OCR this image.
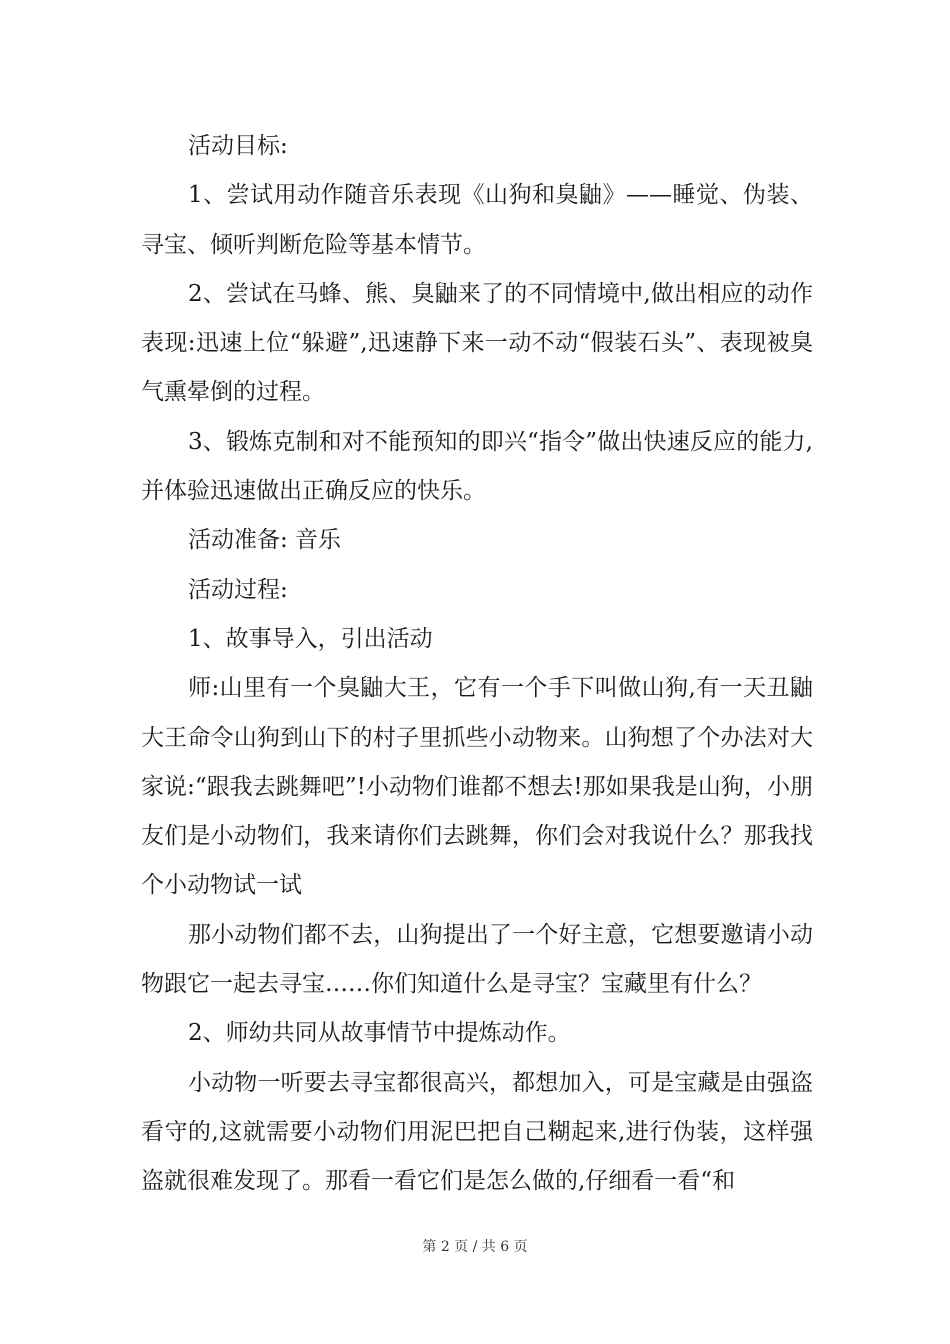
活动目标:

1、尝试用动作随音乐表现《山狗和臭鼬》——睡觉、伪装、寻宝、倾听判断危险等基本情节。

2、尝试在马蜂、熊、臭鼬来了的不同情境中,做出相应的动作表现:迅速上位“躲避”,迅速静下来一动不动“假装石头”、表现被臭气熏晕倒的过程。

3、锻炼克制和对不能预知的即兴“指令”做出快速反应的能力,并体验迅速做出正确反应的快乐。

活动准备: 音乐

活动过程:

1、故事导入，引出活动

师:山里有一个臭鼬大王，它有一个手下叫做山狗,有一天丑鼬大王命令山狗到山下的村子里抓些小动物来。山狗想了个办法对大家说:“跟我去跳舞吧”!小动物们谁都不想去!那如果我是山狗，小朋友们是小动物们，我来请你们去跳舞，你们会对我说什么？那我找个小动物试一试

那小动物们都不去，山狗提出了一个好主意，它想要邀请小动物跟它一起去寻宝……你们知道什么是寻宝？宝藏里有什么？

2、师幼共同从故事情节中提炼动作。

小动物一听要去寻宝都很高兴，都想加入，可是宝藏是由强盗看守的,这就需要小动物们用泥巴把自己糊起来,进行伪装，这样强盗就很难发现了。那看一看它们是怎么做的,仔细看一看“和

第 2 页 / 共 6 页
